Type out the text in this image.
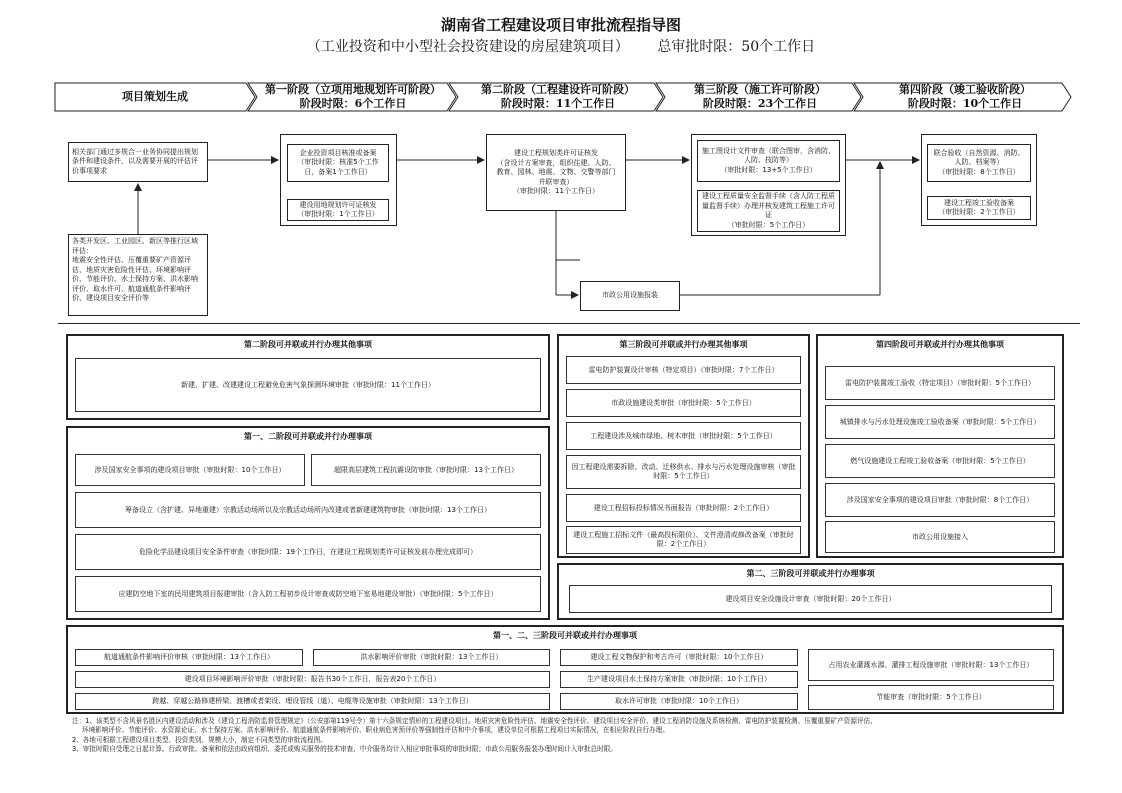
湖南省工程建设项目审批流程指导图
（工业投资和中小型社会投资建设的房屋建筑项目） 总审批时限：50个工作日
项目策划生成
第一阶段（立项用地规划许可阶段）
阶段时限：6个工作日
第二阶段（工程建设许可阶段）
阶段时限：11个工作日
第三阶段（施工许可阶段）
阶段时限：23个工作日
第四阶段（竣工验收阶段）
阶段时限：10个工作日
相关部门通过多规合一业务协同提出规划条件和建设条件，以及需要开展的评估评价事项要求
各类开发区、工业园区、新区等推行区域评估：
地震安全性评估、压覆重要矿产资源评估、地质灾害危险性评估、环境影响评价、节能评价、水土保持方案、洪水影响评价、取水许可、航道通航条件影响评价、建设项目安全评价等
企业投资项目核准或备案
（审批时限：核准5个工作日，备案1个工作日）
建设用地规划许可证核发
（审批时限：1个工作日）
建设工程规划类许可证核发
（含设计方案审查，组织住建、人防、教育、园林、地震、文物、交警等部门并联审查）
（审批时限：11个工作日）
施工图设计文件审查（联合图审，含消防、人防、技防等）
（审批时限：13+5个工作日）
建设工程质量安全监督手续（含人防工程质量监督手续）办理并核发建筑工程施工许可证
（审批时限：5个工作日）
联合验收（自然资源、消防、人防、档案等）
（审批时限：8个工作日）
建设工程竣工验收备案
（审批时限：2个工作日）
市政公用设施报装
第二阶段可并联或并行办理其他事项
新建、扩建、改建建设工程避免危害气象探测环境审批（审批时限：11个工作日）
第一、二阶段可并联或并行办理事项
涉及国家安全事项的建设项目审批（审批时限：10个工作日）	超限高层建筑工程抗震设防审批（审批时限：13个工作日）
筹备设立（含扩建、异地重建）宗教活动场所以及宗教活动场所内改建或者新建建筑物审批（审批时限：13个工作日）
危险化学品建设项目安全条件审查（审批时限：19个工作日，在建设工程规划类许可证核发前办理完成即可）
应建防空地下室的民用建筑项目报建审批（含人防工程初步设计审查或防空地下室易地建设审批）（审批时限：5个工作日）
第三阶段可并联或并行办理其他事项
雷电防护装置设计审核（特定项目）（审批时限：7个工作日）
市政设施建设类审批（审批时限：5个工作日）
工程建设涉及城市绿地、树木审批（审批时限：5个工作日）
因工程建设需要拆除、改动、迁移供水、排水与污水处理设施审核（审批时限：5个工作日）
建设工程招标投标情况书面报告（审批时限：2个工作日）
建设工程施工招标文件（最高投标限价）、文件澄清或修改备案（审批时限：2个工作日）
第四阶段可并联或并行办理其他事项
雷电防护装置竣工验收（特定项目）（审批时限：5个工作日）
城镇排水与污水处理设施竣工验收备案（审批时限：5个工作日）
燃气设施建设工程竣工验收备案（审批时限：5个工作日）
涉及国家安全事项的建设项目审批（审批时限：8个工作日）
市政公用设施接入
第二、三阶段可并联或并行办理事项
建设项目安全设施设计审查（审批时限：20个工作日）
第一、二、三阶段可并联或并行办理事项
航道通航条件影响评价审核（审批时限：13个工作日）	洪水影响评价审批（审批时限：13个工作日）	建设工程文物保护和考古许可（审批时限：10个工作日）
占用农业灌溉水源、灌排工程设施审批（审批时限：13个工作日）
建设项目环境影响评价审批（审批时限：报告书30个工作日，报告表20个工作日）	生产建设项目水土保持方案审批（审批时限：10个工作日）
跨越、穿越公路修建桥梁、渡槽或者架设、埋设管线（道）、电缆等设施审批（审批时限：13个工作日）	取水许可审批（审批时限：10个工作日）	节能审查（审批时限：5个工作日）
注：1、该类型不含风景名胜区内建设活动和涉及《建设工程消防监督管理规定》（公安部第119号令）第十六条规定情形的工程建设项目。地质灾害危险性评估、地震安全性评价、建设项目安全评价、建设工程消防设施及系统检测、雷电防护装置检测、压覆重要矿产资源评估、
环境影响评价、节能评价、水资源论证、水土保持方案、洪水影响评价、航道通航条件影响评价、职业病危害预评价等强制性评估和中介事项，建设单位可根据工程项目实际情况，在相应阶段自行办理。
2、各地可根据工程建设项目类型、投资类别、规模大小，制定不同类型的审批流程图。
3、审批时限自受理之日起计算。行政审批、备案和依法由政府组织、委托或购买服务的技术审查、中介服务均计入相应审批事项的审批时限；市政公用服务报装办理时间计入审批总时限。
